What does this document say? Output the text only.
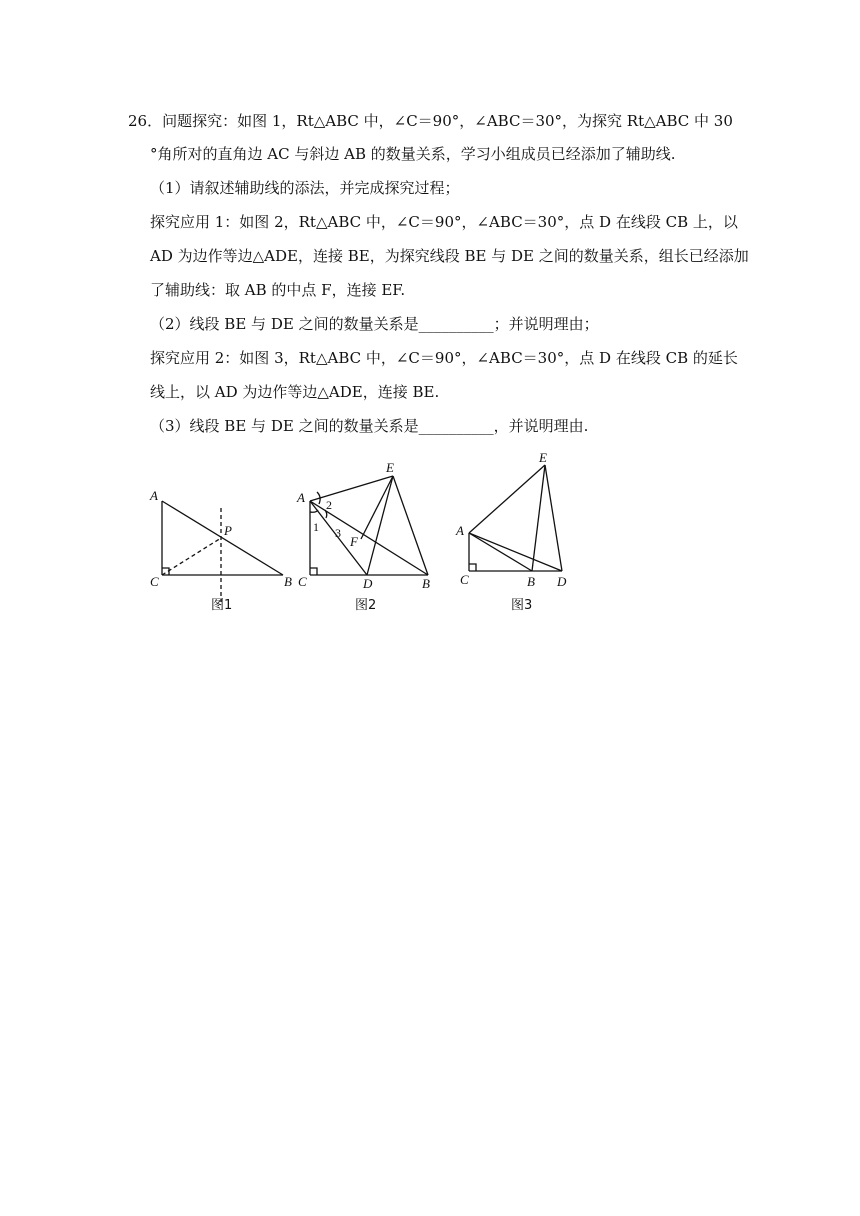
26．问题探究：如图 1，Rt△ABC 中，∠C＝90°，∠ABC＝30°，为探究 Rt△ABC 中 30
°角所对的直角边 AC 与斜边 AB 的数量关系，学习小组成员已经添加了辅助线.
（1）请叙述辅助线的添法，并完成探究过程；
探究应用 1：如图 2，Rt△ABC 中，∠C＝90°，∠ABC＝30°，点 D 在线段 CB 上，以
AD 为边作等边△ADE，连接 BE，为探究线段 BE 与 DE 之间的数量关系，组长已经添加
了辅助线：取 AB 的中点 F，连接 EF.
（2）线段 BE 与 DE 之间的数量关系是__________；并说明理由；
探究应用 2：如图 3，Rt△ABC 中，∠C＝90°，∠ABC＝30°，点 D 在线段 CB 的延长
线上，以 AD 为边作等边△ADE，连接 BE.
（3）线段 BE 与 DE 之间的数量关系是__________，并说明理由.
A
P
C	B
图1
A
E
F
C	D	B
1
2
3
图2
A
E
C	B D
图3
